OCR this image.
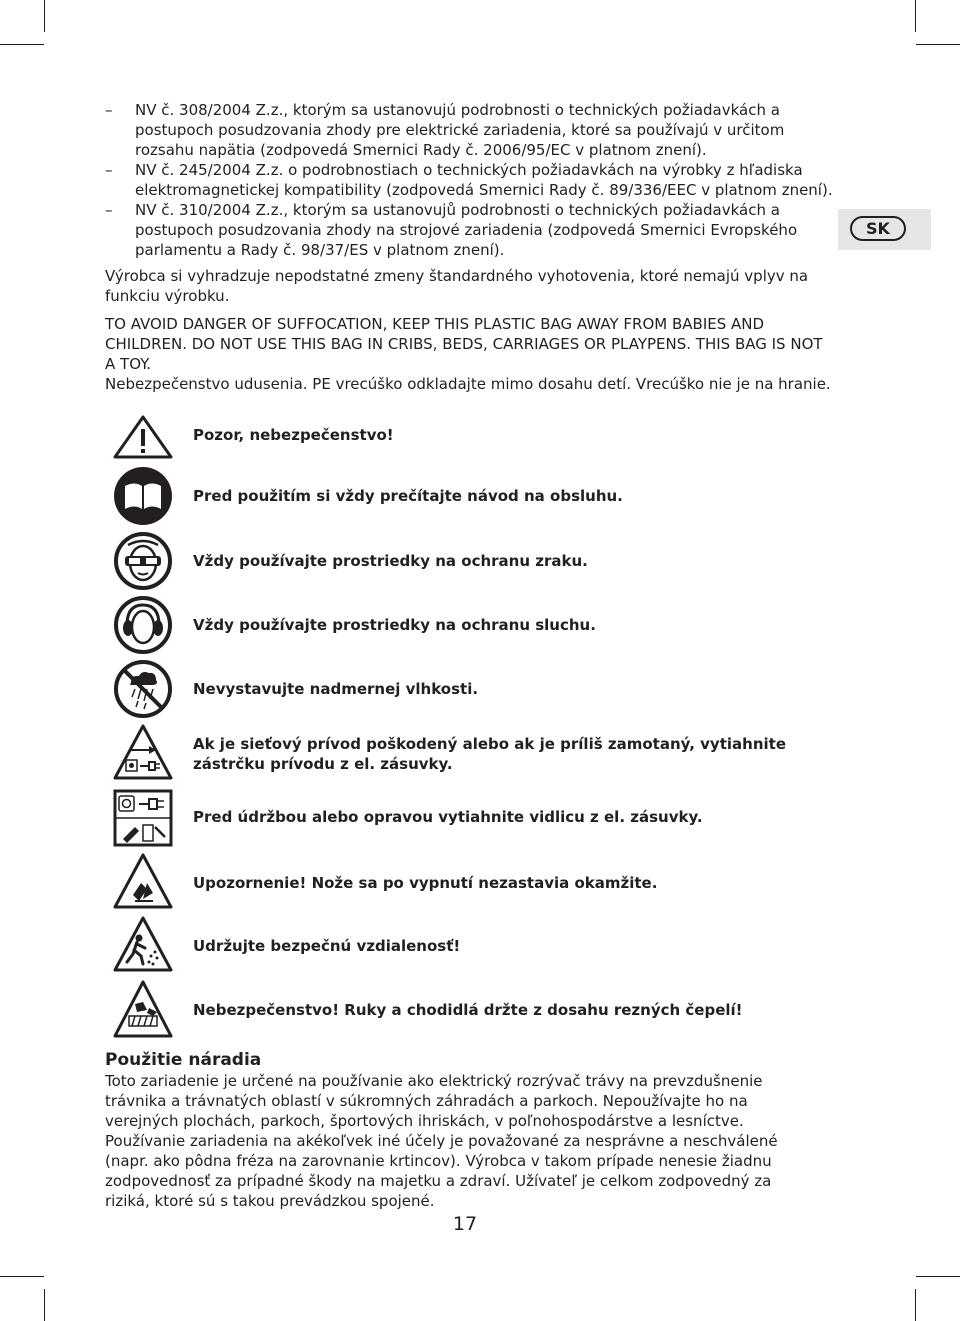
– NV č. 308/2004 Z.z., ktorým sa ustanovujú podrobnosti o technických požiadavkách a postupoch posudzovania zhody pre elektrické zariadenia, ktoré sa používajú v určitom rozsahu napätia (zodpovedá Smernici Rady č. 2006/95/EC v platnom znení).
– NV č. 245/2004 Z.z. o podrobnostiach o technických požiadavkách na výrobky z hľadiska elektromagnetickej kompatibility (zodpovedá Smernici Rady č. 89/336/EEC v platnom znení).
– NV č. 310/2004 Z.z., ktorým sa ustanovujů podrobnosti o technických požiadavkách a postupoch posudzovania zhody na strojové zariadenia (zodpovedá Smernici Evropského parlamentu a Rady č. 98/37/ES v platnom znení).
SK

Výrobca si vyhradzuje nepodstatné zmeny štandardného vyhotovenia, ktoré nemajú vplyv na funkciu výrobku.

TO AVOID DANGER OF SUFFOCATION, KEEP THIS PLASTIC BAG AWAY FROM BABIES AND CHILDREN. DO NOT USE THIS BAG IN CRIBS, BEDS, CARRIAGES OR PLAYPENS. THIS BAG IS NOT A TOY.

Nebezpečenstvo udusenia. PE vrecúško odkladajte mimo dosahu detí. Vrecúško nie je na hranie.

Pozor, nebezpečenstvo!
Pred použitím si vždy prečítajte návod na obsluhu.
Vždy používajte prostriedky na ochranu zraku.
Vždy používajte prostriedky na ochranu sluchu.
Nevystavujte nadmernej vlhkosti.
Ak je sieťový prívod poškodený alebo ak je príliš zamotaný, vytiahnite zástrčku prívodu z el. zásuvky.
Pred údržbou alebo opravou vytiahnite vidlicu z el. zásuvky.
Upozornenie! Nože sa po vypnutí nezastavia okamžite.
Udržujte bezpečnú vzdialenosť!
Nebezpečenstvo! Ruky a chodidlá držte z dosahu rezných čepelí!
Použitie náradia

Toto zariadenie je určené na používanie ako elektrický rozrývač trávy na prevzdušnenie trávnika a trávnatých oblastí v súkromných záhradách a parkoch. Nepoužívajte ho na verejných plochách, parkoch, športových ihriskách, v poľnohospodárstve a lesníctve. Používanie zariadenia na akékoľvek iné účely je považované za nesprávne a neschválené (napr. ako pôdna fréza na zarovnanie krtincov). Výrobca v takom prípade nenesie žiadnu zodpovednosť za prípadné škody na majetku a zdraví. Užívateľ je celkom zodpovedný za riziká, ktoré sú s takou prevádzkou spojené.

17
